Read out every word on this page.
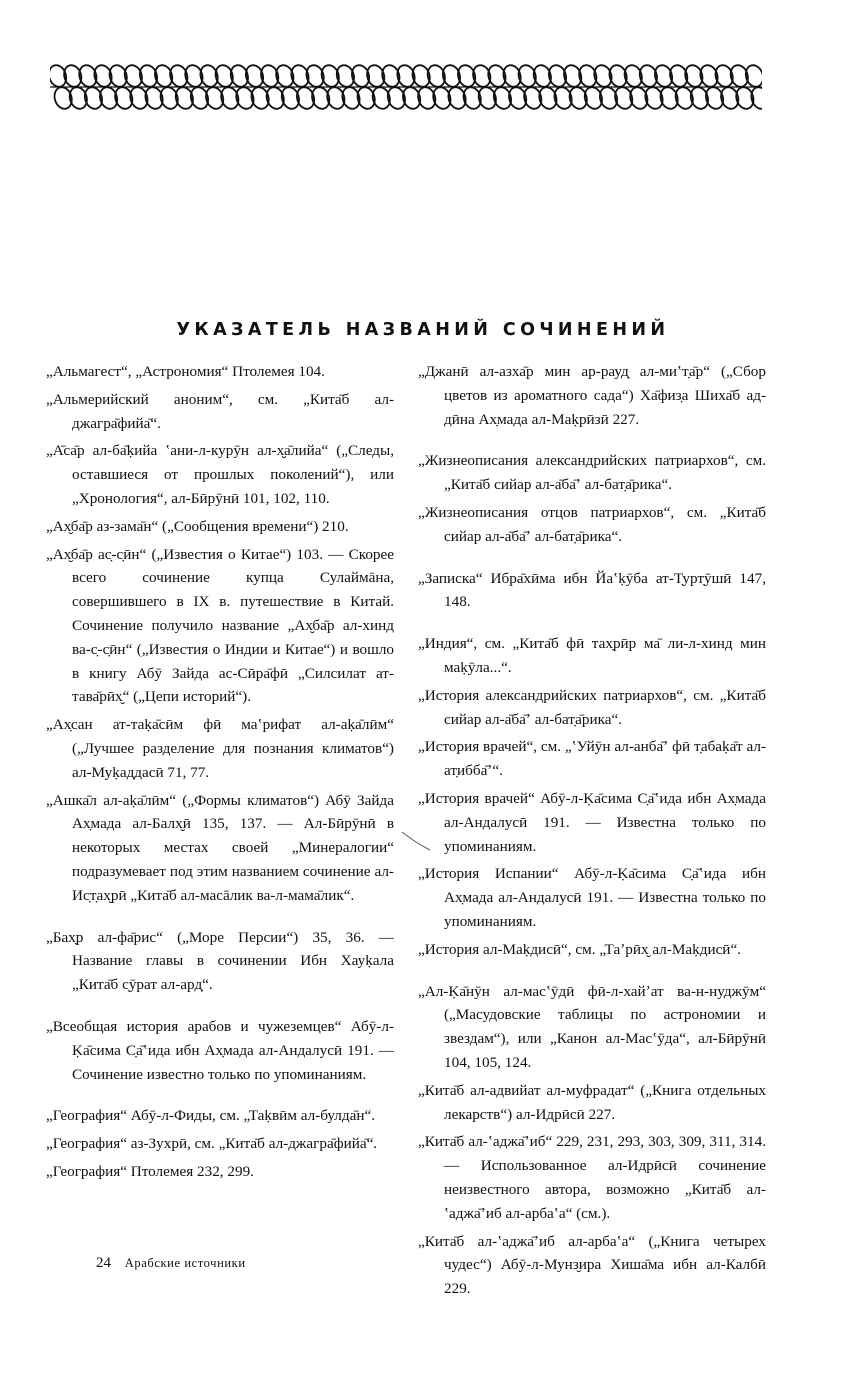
УКАЗАТЕЛЬ НАЗВАНИЙ СОЧИНЕНИЙ

„Альмагест“, „Астрономия“ Птолемея 104.

„Альмерийский аноним“, см. „Кита̄б ал-джагра̄фийа̄“.

„А̄са̄р ал-ба̄ḳийа ʽани-л-курӯн ал-х̮а̄лийа“ („Следы, оставшиеся от прошлых поколений“), или „Хронология“, ал-Бӣрӯнӣ 101, 102, 110.

„Ах̮ба̄р аз-зама̄н“ („Сообщения времени“) 210.

„Ах̮ба̄р ас̣-с̣ӣн“ („Известия о Китае“) 103. — Скорее всего сочинение купца Сулаймāна, совершившего в IX в. путешествие в Китай. Сочинение получило название „Ах̮ба̄р ал-хинд ва-с̣-с̣ӣн“ („Известия о Индии и Китае“) и вошло в книгу Абӯ Зайда ас-Сӣра̄фӣ „Силсилат ат-тава̄рӣх̮“ („Цепи историй“).

„Ах̣сан ат-таḳа̄сӣм фӣ маʽрифат ал-аḳа̄лӣм“ („Лучшее разделение для познания климатов“) ал-Муḳаддасӣ 71, 77.

„Ашка̄л ал-аḳа̄лӣм“ („Формы климатов“) Абӯ Зайда Ах̣мада ал-Балх̮ӣ 135, 137. — Ал-Бӣрӯнӣ в некоторых местах своей „Минералогии“ подразумевает под этим названием сочинение ал-Ис̣т̣ах̮рӣ „Кита̄б ал-масāлик ва-л-мама̄лик“.

„Бах̣р ал-фа̄рис“ („Море Персии“) 35, 36. — Название главы в сочинении Ибн Хауḳала „Кита̄б с̣ӯрат ал-ард̣“.

„Всеобщая история арабов и чужеземцев“ Абӯ-л-Ḳа̄сима С̣а̄ʽида ибн Ах̣мада ал-Андалусӣ 191. — Сочинение известно только по упоминаниям.

„География“ Абӯ-л-Фиды, см. „Таḳвӣм ал-булда̄н“.

„География“ аз-Зухрӣ, см. „Кита̄б ал-джагра̄фийа̄“.

„География“ Птолемея 232, 299.

„Джанӣ ал-азха̄р мин ар-рауд̣ ал-миʽт̣а̄р“ („Сбор цветов из ароматного сада“) Ха̄физ̣а Шиха̄б ад-дӣна Ах̣мада ал-Маḳрӣзӣ 227.

„Жизнеописания александрийских патриархов“, см. „Кита̄б сийар ал-а̄ба̄ʼ ал-бат̣а̄рика“.

„Жизнеописания отцов патриархов“, см. „Кита̄б сийар ал-а̄ба̄ʼ ал-бат̣а̄рика“.

„Записка“ Ибра̄хӣма ибн Йаʽḳӯба ат-Т̣урт̣ӯшӣ 147, 148.

„Индия“, см. „Кита̄б фӣ тах̣рӣр ма̄ ли-л-хинд мин маḳӯла...“.

„История александрийских патриархов“, см. „Кита̄б сийар ал-а̄ба̄ʼ ал-бат̣а̄рика“.

„История врачей“, см. „ʽУйӯн ал-анба̄ʼ фӣ т̣абаḳа̄т ал-ат̣ибба̄ʼ“.

„История врачей“ Абӯ-л-Ḳа̄сима С̣а̄ʽида ибн Ах̣мада ал-Андалусӣ 191. — Известна только по упоминаниям.

„История Испании“ Абӯ-л-Ḳа̄сима С̣а̄ʽида ибн Ах̣мада ал-Андалусӣ 191. — Известна только по упоминаниям.

„История ал-Маḳдисӣ“, см. „Таʼрӣх̮ ал-Маḳдисӣ“.

„Ал-Ḳа̄нӯн ал-масʽӯдӣ фӣ-л-хайʼат ва-н-нуджӯм“ („Масудовские таблицы по астрономии и звездам“), или „Канон ал-Масʽӯда“, ал-Бӣрӯнӣ 104, 105, 124.

„Кита̄б ал-адвийат ал-муфрадат“ („Книга отдельных лекарств“) ал-Идрӣсӣ 227.

„Кита̄б ал-ʽаджа̄ʼиб“ 229, 231, 293, 303, 309, 311, 314. — Использованное ал-Идрӣсӣ сочинение неизвестного автора, возможно „Кита̄б ал-ʽаджа̄ʼиб ал-арбаʽа“ (см.).

„Кита̄б ал-ʽаджа̄ʼиб ал-арбаʽа“ („Книга четырех чудес“) Абӯ-л-Мунз̮ира Хиша̄ма ибн ал-Калбӣ 229.

24 Арабские источники
